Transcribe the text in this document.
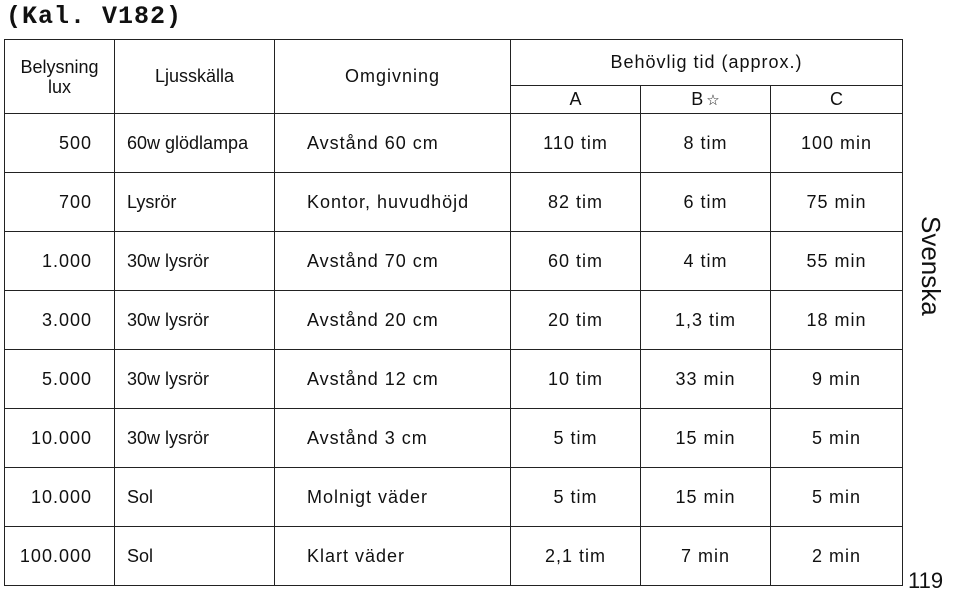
(Kal. V182)
Belysning
lux	Ljusskälla	Omgivning	Behövlig tid (approx.)		
			A	B ☆	C
500	60w glödlampa	Avstånd 60 cm	110 tim	8 tim	100 min
700	Lysrör	Kontor, huvudhöjd	82 tim	6 tim	75 min
1.000	30w lysrör	Avstånd 70 cm	60 tim	4 tim	55 min
3.000	30w lysrör	Avstånd 20 cm	20 tim	1,3 tim	18 min
5.000	30w lysrör	Avstånd 12 cm	10 tim	33 min	9 min
10.000	30w lysrör	Avstånd 3 cm	5 tim	15 min	5 min
10.000	Sol	Molnigt väder	5 tim	15 min	5 min
100.000	Sol	Klart väder	2,1 tim	7 min	2 min
Svenska
119
